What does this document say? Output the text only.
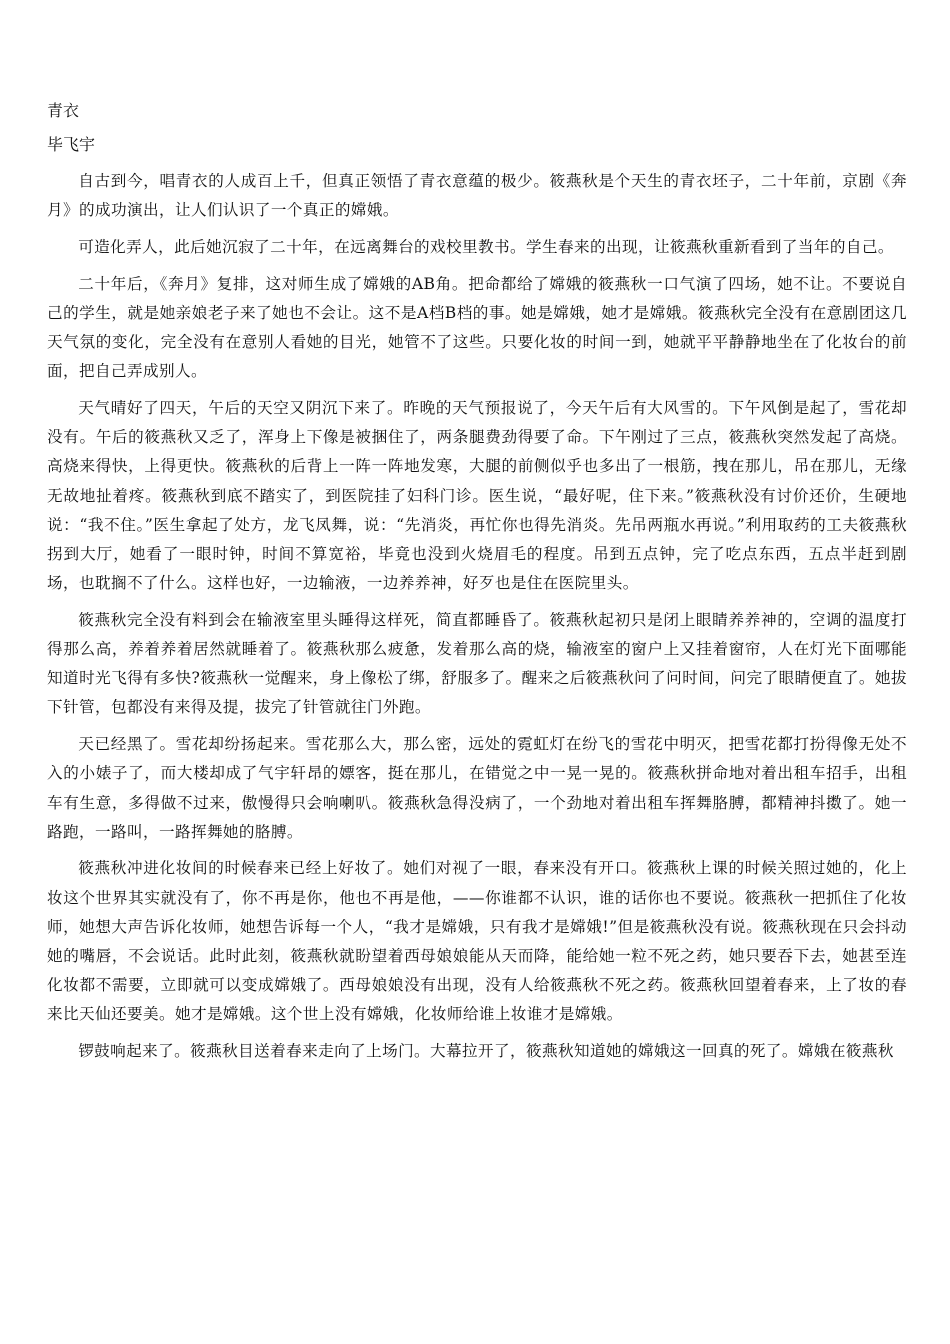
青衣
毕飞宇

自古到今，唱青衣的人成百上千，但真正领悟了青衣意蕴的极少。筱燕秋是个天生的青衣坯子，二十年前，京剧《奔月》的成功演出，让人们认识了一个真正的嫦娥。

可造化弄人，此后她沉寂了二十年，在远离舞台的戏校里教书。学生春来的出现，让筱燕秋重新看到了当年的自己。

二十年后，《奔月》复排，这对师生成了嫦娥的AB角。把命都给了嫦娥的筱燕秋一口气演了四场，她不让。不要说自己的学生，就是她亲娘老子来了她也不会让。这不是A档B档的事。她是嫦娥，她才是嫦娥。筱燕秋完全没有在意剧团这几天气氛的变化，完全没有在意别人看她的目光，她管不了这些。只要化妆的时间一到，她就平平静静地坐在了化妆台的前面，把自己弄成别人。

天气晴好了四天，午后的天空又阴沉下来了。昨晚的天气预报说了，今天午后有大风雪的。下午风倒是起了，雪花却没有。午后的筱燕秋又乏了，浑身上下像是被捆住了，两条腿费劲得要了命。下午刚过了三点，筱燕秋突然发起了高烧。高烧来得快，上得更快。筱燕秋的后背上一阵一阵地发寒，大腿的前侧似乎也多出了一根筋，拽在那儿，吊在那儿，无缘无故地扯着疼。筱燕秋到底不踏实了，到医院挂了妇科门诊。医生说，“最好呢，住下来。”筱燕秋没有讨价还价，生硬地说：“我不住。”医生拿起了处方，龙飞凤舞，说：“先消炎，再忙你也得先消炎。先吊两瓶水再说。”利用取药的工夫筱燕秋拐到大厅，她看了一眼时钟，时间不算宽裕，毕竟也没到火烧眉毛的程度。吊到五点钟，完了吃点东西，五点半赶到剧场，也耽搁不了什么。这样也好，一边输液，一边养养神，好歹也是住在医院里头。

筱燕秋完全没有料到会在输液室里头睡得这样死，简直都睡昏了。筱燕秋起初只是闭上眼睛养养神的，空调的温度打得那么高，养着养着居然就睡着了。筱燕秋那么疲惫，发着那么高的烧，输液室的窗户上又挂着窗帘，人在灯光下面哪能知道时光飞得有多快?筱燕秋一觉醒来，身上像松了绑，舒服多了。醒来之后筱燕秋问了问时间，问完了眼睛便直了。她拔下针管，包都没有来得及提，拔完了针管就往门外跑。

天已经黑了。雪花却纷扬起来。雪花那么大，那么密，远处的霓虹灯在纷飞的雪花中明灭，把雪花都打扮得像无处不入的小婊子了，而大楼却成了气宇轩昂的嫖客，挺在那儿，在错觉之中一晃一晃的。筱燕秋拼命地对着出租车招手，出租车有生意，多得做不过来，傲慢得只会响喇叭。筱燕秋急得没病了，一个劲地对着出租车挥舞胳膊，都精神抖擞了。她一路跑，一路叫，一路挥舞她的胳膊。

筱燕秋冲进化妆间的时候春来已经上好妆了。她们对视了一眼，春来没有开口。筱燕秋上课的时候关照过她的，化上妆这个世界其实就没有了，你不再是你，他也不再是他，——你谁都不认识，谁的话你也不要说。筱燕秋一把抓住了化妆师，她想大声告诉化妆师，她想告诉每一个人，“我才是嫦娥，只有我才是嫦娥!”但是筱燕秋没有说。筱燕秋现在只会抖动她的嘴唇，不会说话。此时此刻，筱燕秋就盼望着西母娘娘能从天而降，能给她一粒不死之药，她只要吞下去，她甚至连化妆都不需要，立即就可以变成嫦娥了。西母娘娘没有出现，没有人给筱燕秋不死之药。筱燕秋回望着春来，上了妆的春来比天仙还要美。她才是嫦娥。这个世上没有嫦娥，化妆师给谁上妆谁才是嫦娥。

锣鼓响起来了。筱燕秋目送着春来走向了上场门。大幕拉开了，筱燕秋知道她的嫦娥这一回真的死了。嫦娥在筱燕秋
